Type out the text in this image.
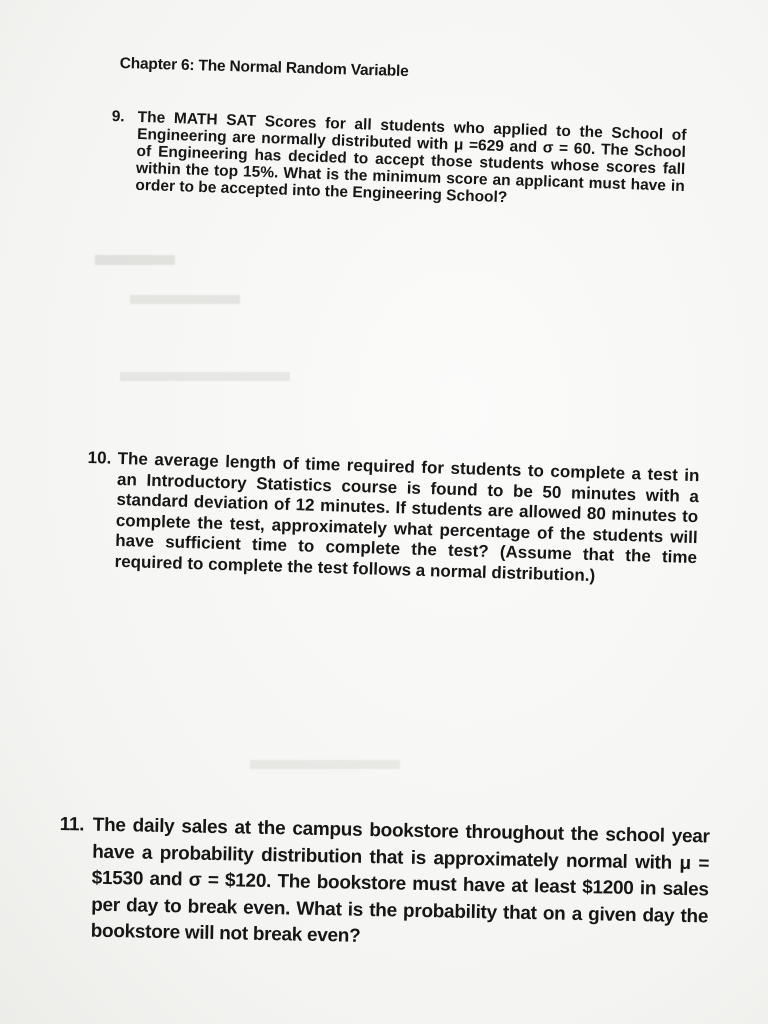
Chapter 6: The Normal Random Variable
9. The MATH SAT Scores for all students who applied to the School of Engineering are normally distributed with μ =629 and σ = 60. The School of Engineering has decided to accept those students whose scores fall within the top 15%. What is the minimum score an applicant must have in order to be accepted into the Engineering School?
10. The average length of time required for students to complete a test in an Introductory Statistics course is found to be 50 minutes with a standard deviation of 12 minutes. If students are allowed 80 minutes to complete the test, approximately what percentage of the students will have sufficient time to complete the test? (Assume that the time required to complete the test follows a normal distribution.)
11. The daily sales at the campus bookstore throughout the school year have a probability distribution that is approximately normal with μ = $1530 and σ = $120. The bookstore must have at least $1200 in sales per day to break even. What is the probability that on a given day the bookstore will not break even?
